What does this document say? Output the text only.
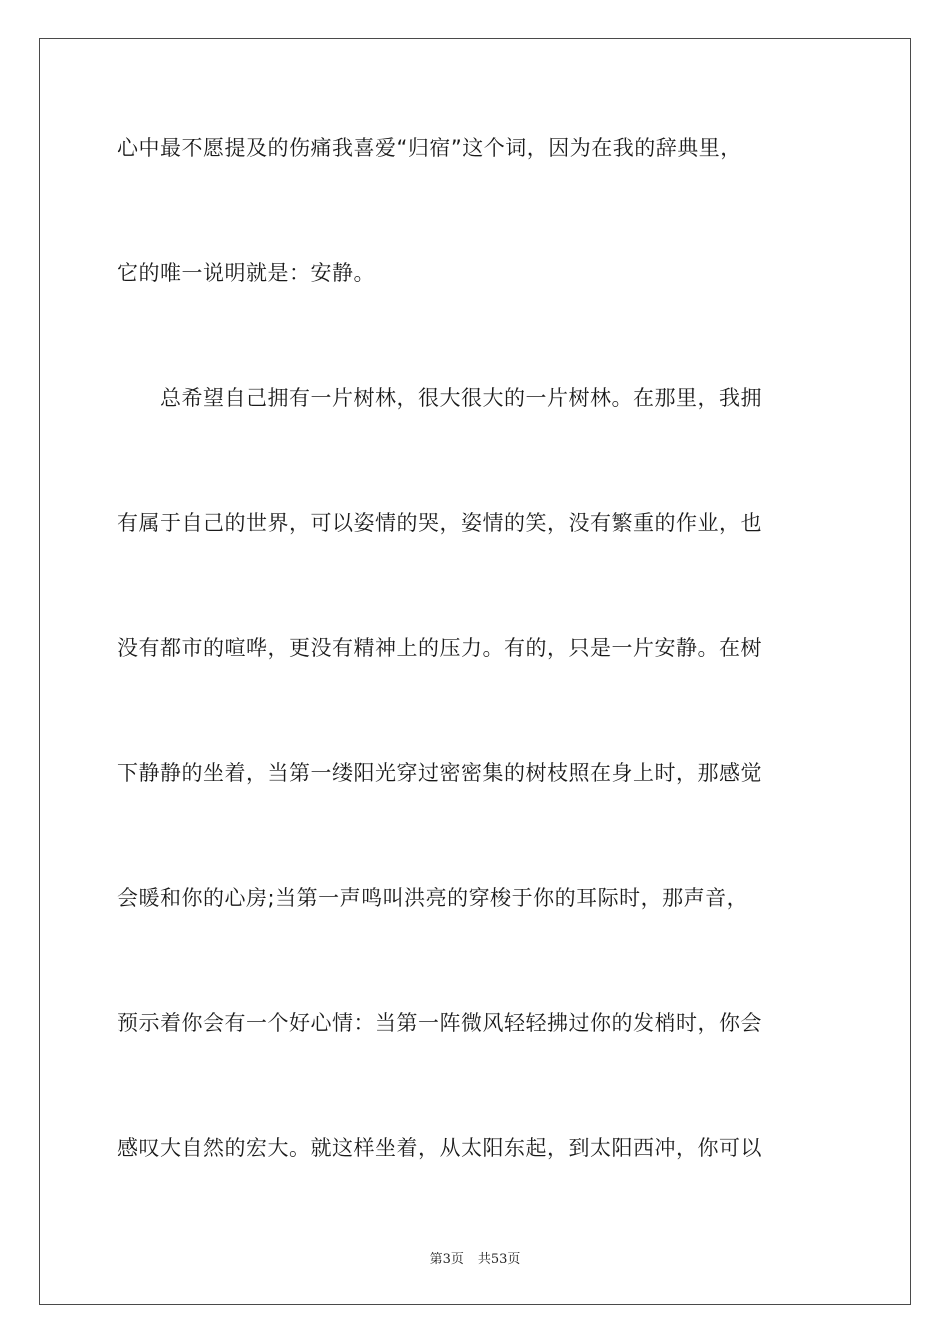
心中最不愿提及的伤痛我喜爱“归宿”这个词，因为在我的辞典里，
它的唯一说明就是：安静。
　　总希望自己拥有一片树林，很大很大的一片树林。在那里，我拥
有属于自己的世界，可以姿情的哭，姿情的笑，没有繁重的作业，也
没有都市的喧哗，更没有精神上的压力。有的，只是一片安静。在树
下静静的坐着，当第一缕阳光穿过密密集的树枝照在身上时，那感觉
会暖和你的心房;当第一声鸣叫洪亮的穿梭于你的耳际时，那声音，
预示着你会有一个好心情：当第一阵微风轻轻拂过你的发梢时，你会
感叹大自然的宏大。就这样坐着，从太阳东起，到太阳西冲，你可以
第3页 共53页
